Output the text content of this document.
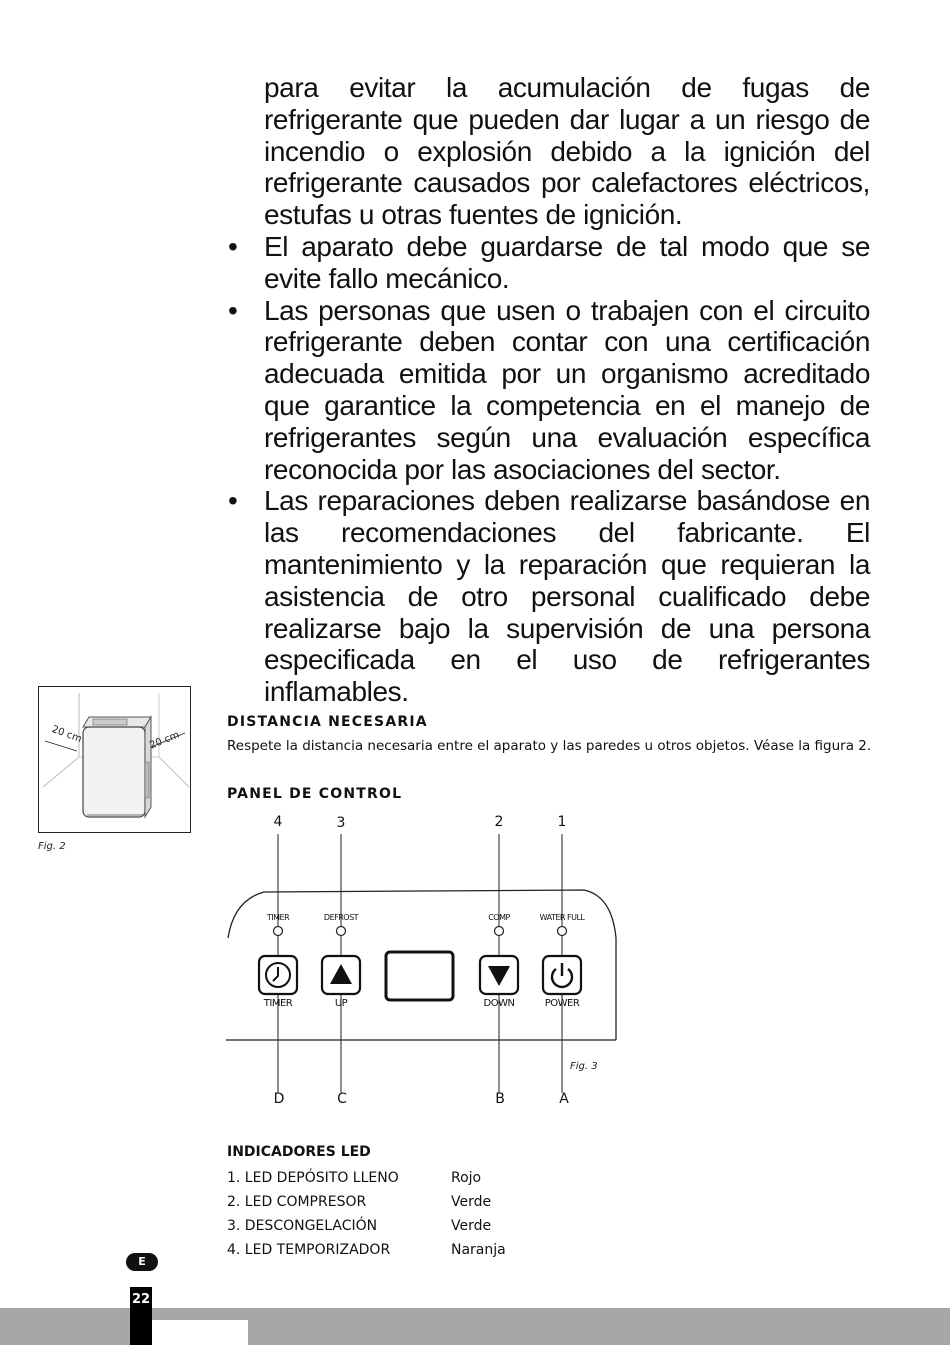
para evitar la acumulación de fugas de refrigerante que pueden dar lugar a un riesgo de incendio o explosión debido a la ignición del refrigerante causados por calefactores eléctricos, estufas u otras fuentes de ignición.

• El aparato debe guardarse de tal modo que se evite fallo mecánico.

• Las personas que usen o trabajen con el circuito refrigerante deben contar con una certificación adecuada emitida por un organismo acreditado que garantice la competencia en el manejo de refrigerantes según una evaluación específica reconocida por las asociaciones del sector.

• Las reparaciones deben realizarse basándose en las recomendaciones del fabricante. El mantenimiento y la reparación que requieran la asistencia de otro personal cualificado debe realizarse bajo la supervisión de una persona especificada en el uso de refrigerantes inflamables.

20 cm	20 cm
Fig. 2
DISTANCIA NECESARIA
Respete la distancia necesaria entre el aparato y las paredes u otros objetos. Véase la figura 2.
PANEL DE CONTROL
4	3	2	1
TIMER	DEFROST	COMP	WATER FULL
TIMER	UP	DOWN	POWER
Fig. 3
D	C	B	A
INDICADORES LED
1. LED DEPÓSITO LLENO	Rojo
2. LED COMPRESOR	Verde
3. DESCONGELACIÓN	Verde
4. LED TEMPORIZADOR	Naranja
E
22
